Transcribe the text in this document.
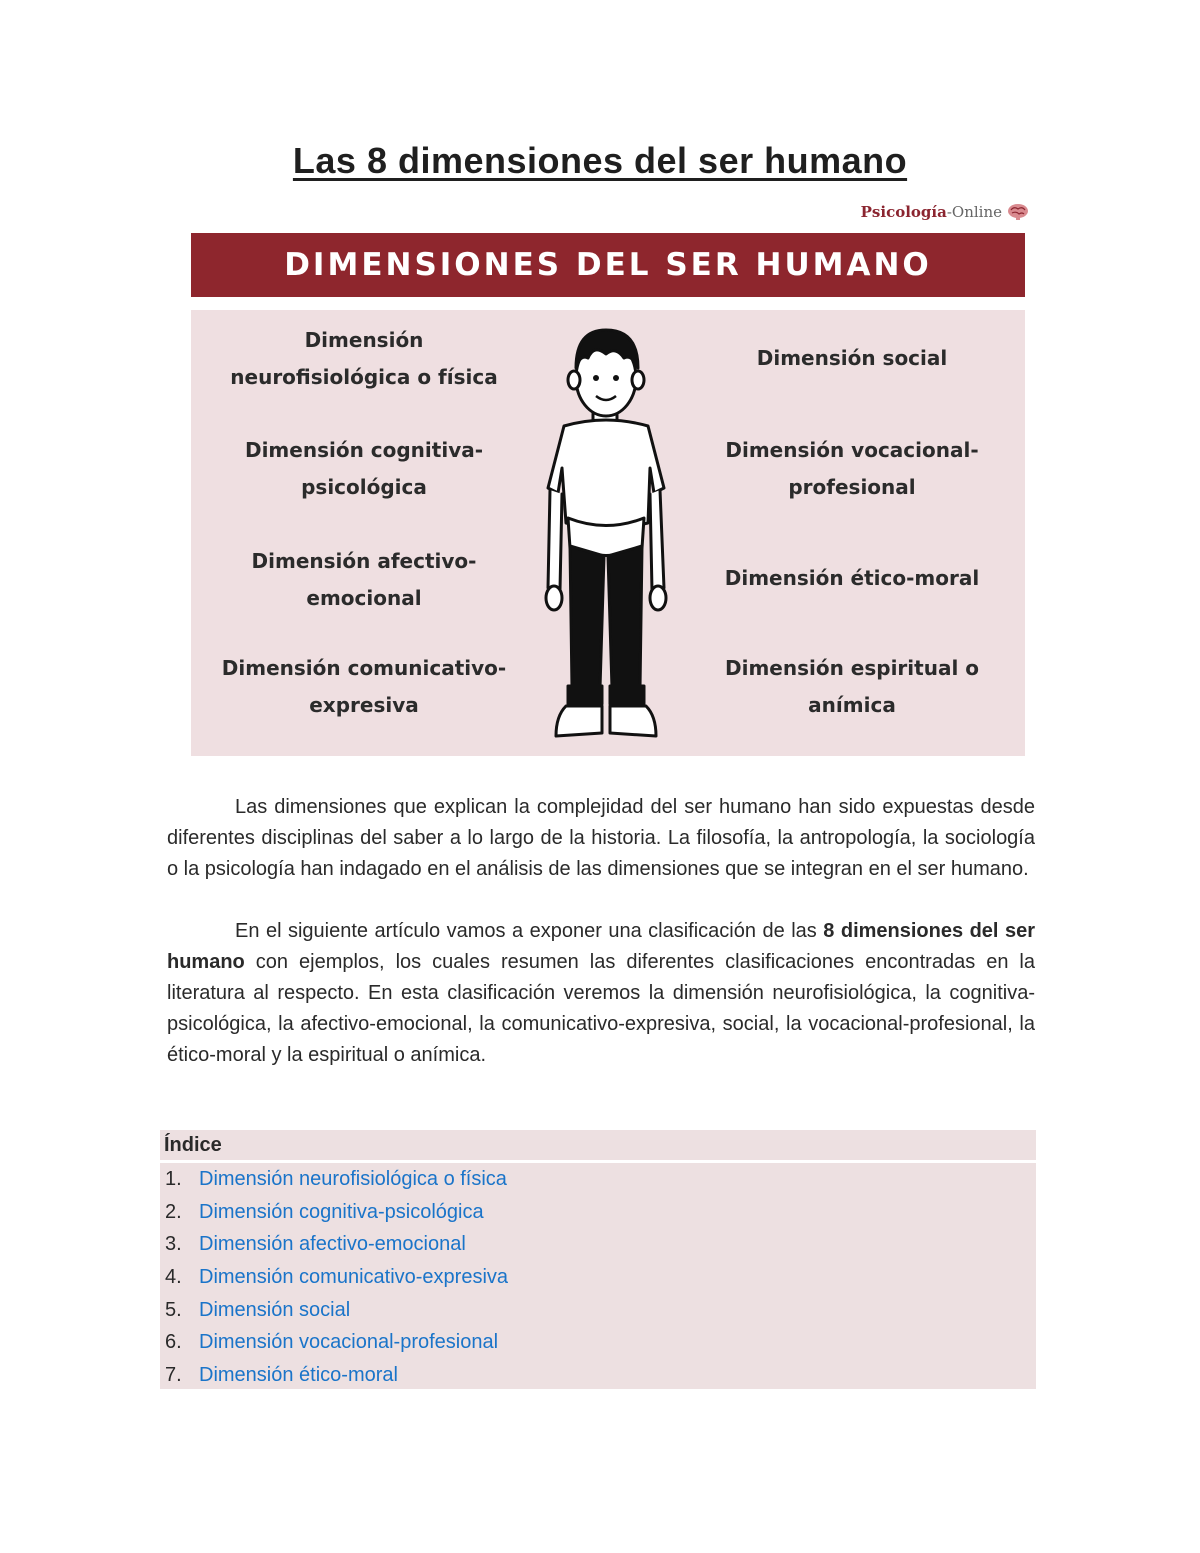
Las 8 dimensiones del ser humano
Psicología -Online
DIMENSIONES DEL SER HUMANO
Dimensión
neurofisiológica o física
Dimensión cognitiva-
psicológica
Dimensión afectivo-
emocional
Dimensión comunicativo-
expresiva
Dimensión social
Dimensión vocacional-
profesional
Dimensión ético-moral
Dimensión espiritual o
anímica

Las dimensiones que explican la complejidad del ser humano han sido expuestas desde diferentes disciplinas del saber a lo largo de la historia. La filosofía, la antropología, la sociología o la psicología han indagado en el análisis de las dimensiones que se integran en el ser humano.

En el siguiente artículo vamos a exponer una clasificación de las 8 dimensiones del ser humano con ejemplos, los cuales resumen las diferentes clasificaciones encontradas en la literatura al respecto. En esta clasificación veremos la dimensión neurofisiológica, la cognitiva-psicológica, la afectivo-emocional, la comunicativo-expresiva, social, la vocacional-profesional, la ético-moral y la espiritual o anímica.

Índice
1. Dimensión neurofisiológica o física
2. Dimensión cognitiva-psicológica
3. Dimensión afectivo-emocional
4. Dimensión comunicativo-expresiva
5. Dimensión social
6. Dimensión vocacional-profesional
7. Dimensión ético-moral
